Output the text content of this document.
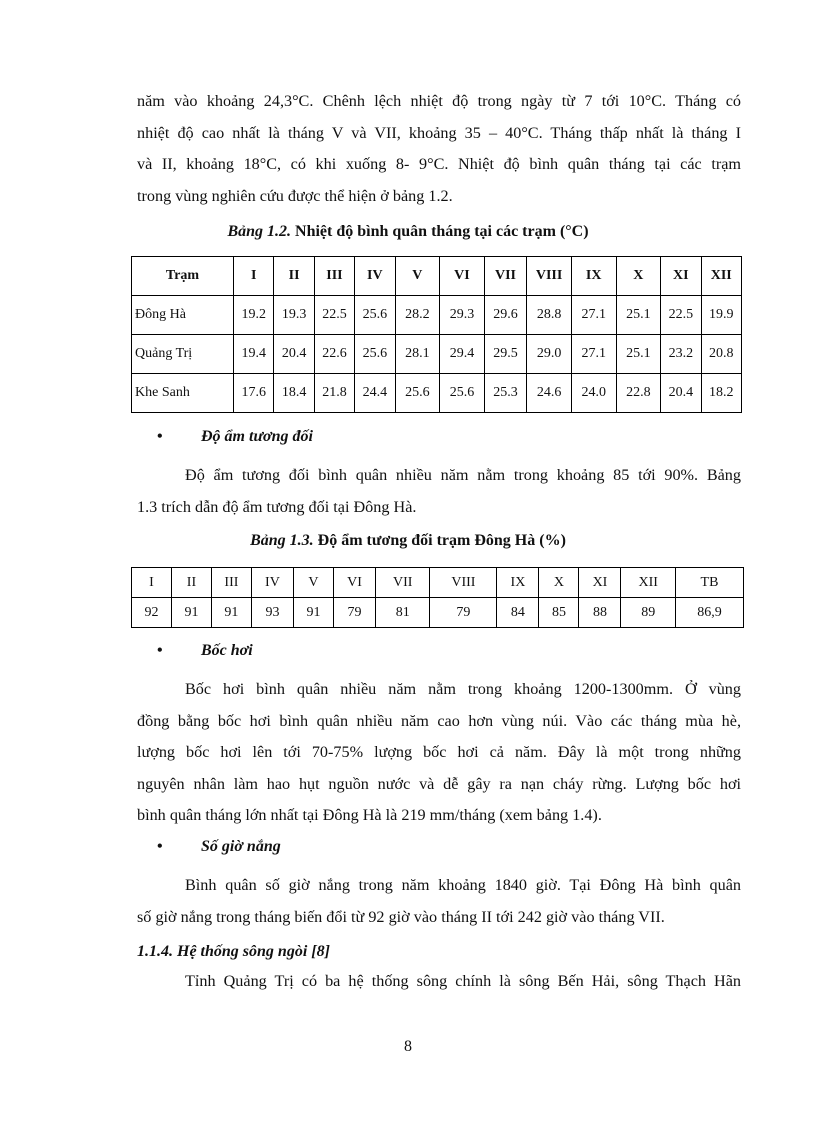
năm vào khoảng 24,3°C. Chênh lệch nhiệt độ trong ngày từ 7 tới 10°C. Tháng có
nhiệt độ cao nhất là tháng V và VII, khoảng 35 – 40°C. Tháng thấp nhất là tháng I
và II, khoảng 18°C, có khi xuống 8- 9°C. Nhiệt độ bình quân tháng tại các trạm
trong vùng nghiên cứu được thể hiện ở bảng 1.2.
Bảng 1.2. Nhiệt độ bình quân tháng tại các trạm (°C)
Trạm	I	II	III	IV	V	VI	VII	VIII	IX	X	XI	XII
Đông Hà	19.2	19.3	22.5	25.6	28.2	29.3	29.6	28.8	27.1	25.1	22.5	19.9
Quảng Trị	19.4	20.4	22.6	25.6	28.1	29.4	29.5	29.0	27.1	25.1	23.2	20.8
Khe Sanh	17.6	18.4	21.8	24.4	25.6	25.6	25.3	24.6	24.0	22.8	20.4	18.2
• Độ ẩm tương đối
Độ ẩm tương đối bình quân nhiều năm nằm trong khoảng 85 tới 90%. Bảng
1.3 trích dẫn độ ẩm tương đối tại Đông Hà.
Bảng 1.3. Độ ẩm tương đối trạm Đông Hà (%)
I	II	III	IV	V	VI	VII	VIII	IX	X	XI	XII	TB
92	91	91	93	91	79	81	79	84	85	88	89	86,9
• Bốc hơi
Bốc hơi bình quân nhiều năm nằm trong khoảng 1200-1300mm. Ở vùng
đồng bằng bốc hơi bình quân nhiều năm cao hơn vùng núi. Vào các tháng mùa hè,
lượng bốc hơi lên tới 70-75% lượng bốc hơi cả năm. Đây là một trong những
nguyên nhân làm hao hụt nguồn nước và dễ gây ra nạn cháy rừng. Lượng bốc hơi
bình quân tháng lớn nhất tại Đông Hà là 219 mm/tháng (xem bảng 1.4).
• Số giờ nắng
Bình quân số giờ nắng trong năm khoảng 1840 giờ. Tại Đông Hà bình quân
số giờ nắng trong tháng biến đổi từ 92 giờ vào tháng II tới 242 giờ vào tháng VII.
1.1.4. Hệ thống sông ngòi [8]
Tỉnh Quảng Trị có ba hệ thống sông chính là sông Bến Hải, sông Thạch Hãn
8
